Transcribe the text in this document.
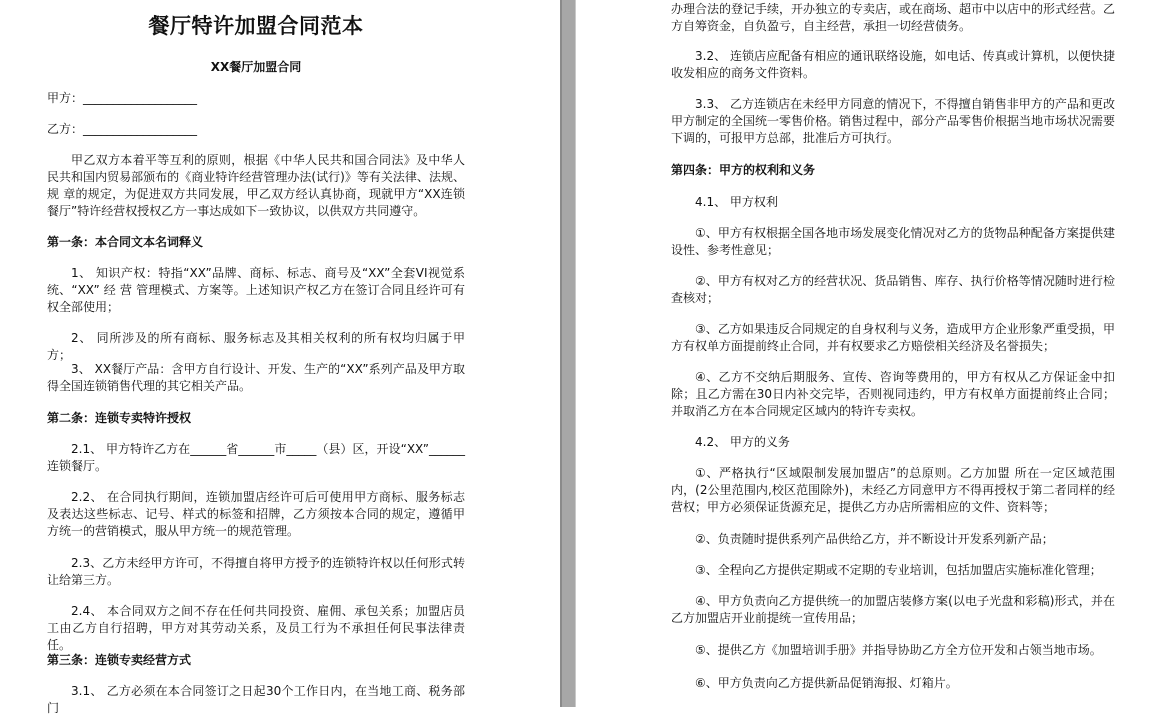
餐厅特许加盟合同范本
XX餐厅加盟合同
甲方：___________________
乙方：___________________
甲乙双方本着平等互利的原则，根据《中华人民共和国合同法》及中华人民共和国内贸易部颁布的《商业特许经营管理办法(试行)》等有关法律、法规、规 章的规定，为促进双方共同发展，甲乙双方经认真协商，现就甲方“XX连锁餐厅”特许经营权授权乙方一事达成如下一致协议，以供双方共同遵守。
第一条：本合同文本名词释义
1、 知识产权：特指“XX”品牌、商标、标志、商号及“XX”全套VI视觉系统、“XX” 经 营 管理模式、方案等。上述知识产权乙方在签订合同且经许可有权全部使用；
2、 同所涉及的所有商标、服务标志及其相关权利的所有权均归属于甲方；
3、 XX餐厅产品：含甲方自行设计、开发、生产的“XX”系列产品及甲方取得全国连锁销售代理的其它相关产品。
第二条：连锁专卖特许授权
2.1、 甲方特许乙方在______省______市_____（县）区，开设“XX”______连锁餐厅。
2.2、 在合同执行期间，连锁加盟店经许可后可使用甲方商标、服务标志及表达这些标志、记号、样式的标签和招牌，乙方须按本合同的规定，遵循甲方统一的营销模式，服从甲方统一的规范管理。
2.3、乙方未经甲方许可，不得擅自将甲方授予的连锁特许权以任何形式转让给第三方。
2.4、 本合同双方之间不存在任何共同投资、雇佣、承包关系；加盟店员工由乙方自行招聘，甲方对其劳动关系，及员工行为不承担任何民事法律责任。
第三条：连锁专卖经营方式
3.1、 乙方必须在本合同签订之日起30个工作日内，在当地工商、税务部门
办理合法的登记手续，开办独立的专卖店，或在商场、超市中以店中的形式经营。乙方自筹资金，自负盈亏，自主经营，承担一切经营债务。
3.2、 连锁店应配备有相应的通讯联络设施，如电话、传真或计算机，以便快捷收发相应的商务文件资料。
3.3、 乙方连锁店在未经甲方同意的情况下，不得擅自销售非甲方的产品和更改甲方制定的全国统一零售价格。销售过程中，部分产品零售价根据当地市场状况需要下调的，可报甲方总部，批准后方可执行。
第四条：甲方的权利和义务
4.1、 甲方权利
①、甲方有权根据全国各地市场发展变化情况对乙方的货物品种配备方案提供建设性、参考性意见；
②、甲方有权对乙方的经营状况、货品销售、库存、执行价格等情况随时进行检查核对；
③、乙方如果违反合同规定的自身权利与义务，造成甲方企业形象严重受损，甲方有权单方面提前终止合同，并有权要求乙方赔偿相关经济及名誉损失；
④、乙方不交纳后期服务、宣传、咨询等费用的，甲方有权从乙方保证金中扣除；且乙方需在30日内补交完毕，否则视同违约，甲方有权单方面提前终止合同；并取消乙方在本合同规定区域内的特许专卖权。
4.2、 甲方的义务
①、严格执行“区域限制发展加盟店”的总原则。乙方加盟 所在一定区域范围内，(2公里范围内,校区范围除外)，未经乙方同意甲方不得再授权于第二者同样的经营权；甲方必须保证货源充足，提供乙方办店所需相应的文件、资料等；
②、负责随时提供系列产品供给乙方，并不断设计开发系列新产品；
③、全程向乙方提供定期或不定期的专业培训，包括加盟店实施标准化管理；
④、甲方负责向乙方提供统一的加盟店装修方案(以电子光盘和彩稿)形式，并在乙方加盟店开业前提统一宣传用品；
⑤、提供乙方《加盟培训手册》并指导协助乙方全方位开发和占领当地市场。
⑥、甲方负责向乙方提供新品促销海报、灯箱片。
